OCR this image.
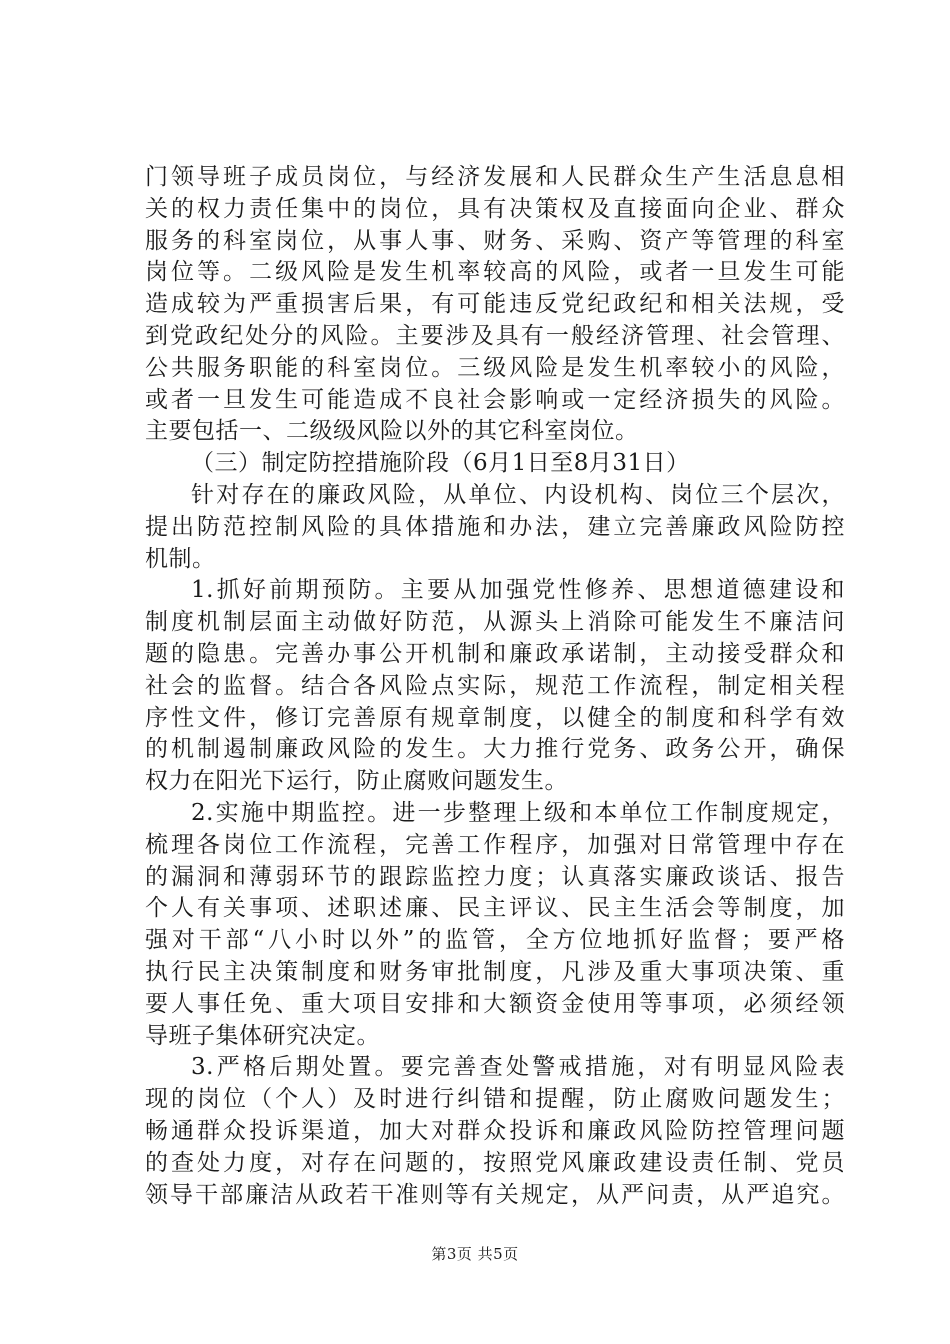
门领导班子成员岗位，与经济发展和人民群众生产生活息息相
关的权力责任集中的岗位，具有决策权及直接面向企业、群众
服务的科室岗位，从事人事、财务、采购、资产等管理的科室
岗位等。二级风险是发生机率较高的风险，或者一旦发生可能
造成较为严重损害后果，有可能违反党纪政纪和相关法规，受
到党政纪处分的风险。主要涉及具有一般经济管理、社会管理、
公共服务职能的科室岗位。三级风险是发生机率较小的风险，
或者一旦发生可能造成不良社会影响或一定经济损失的风险。
主要包括一、二级级风险以外的其它科室岗位。
（三）制定防控措施阶段（6月1日至8月31日）
针对存在的廉政风险，从单位、内设机构、岗位三个层次，
提出防范控制风险的具体措施和办法，建立完善廉政风险防控
机制。
1.抓好前期预防。主要从加强党性修养、思想道德建设和
制度机制层面主动做好防范，从源头上消除可能发生不廉洁问
题的隐患。完善办事公开机制和廉政承诺制，主动接受群众和
社会的监督。结合各风险点实际，规范工作流程，制定相关程
序性文件，修订完善原有规章制度，以健全的制度和科学有效
的机制遏制廉政风险的发生。大力推行党务、政务公开，确保
权力在阳光下运行，防止腐败问题发生。
2.实施中期监控。进一步整理上级和本单位工作制度规定，
梳理各岗位工作流程，完善工作程序，加强对日常管理中存在
的漏洞和薄弱环节的跟踪监控力度；认真落实廉政谈话、报告
个人有关事项、述职述廉、民主评议、民主生活会等制度，加
强对干部“八小时以外”的监管，全方位地抓好监督；要严格
执行民主决策制度和财务审批制度，凡涉及重大事项决策、重
要人事任免、重大项目安排和大额资金使用等事项，必须经领
导班子集体研究决定。
3.严格后期处置。要完善查处警戒措施，对有明显风险表
现的岗位（个人）及时进行纠错和提醒，防止腐败问题发生；
畅通群众投诉渠道，加大对群众投诉和廉政风险防控管理问题
的查处力度，对存在问题的，按照党风廉政建设责任制、党员
领导干部廉洁从政若干准则等有关规定，从严问责，从严追究。
第3页 共5页
